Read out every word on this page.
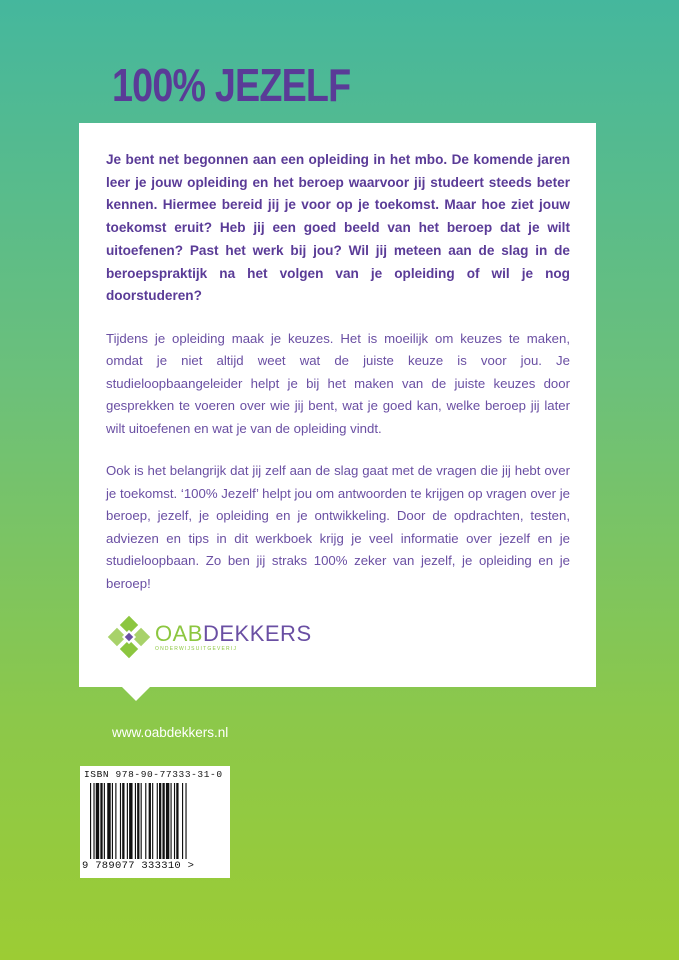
100% JEZELF

Je bent net begonnen aan een opleiding in het mbo. De komende jaren leer je jouw opleiding en het beroep waarvoor jij studeert steeds beter kennen. Hiermee bereid jij je voor op je toekomst. Maar hoe ziet jouw toekomst eruit? Heb jij een goed beeld van het beroep dat je wilt uitoefenen? Past het werk bij jou? Wil jij meteen aan de slag in de beroepspraktijk na het volgen van je opleiding of wil je nog doorstuderen?

Tijdens je opleiding maak je keuzes. Het is moeilijk om keuzes te maken, omdat je niet altijd weet wat de juiste keuze is voor jou. Je studieloopbaangeleider helpt je bij het maken van de juiste keuzes door gesprekken te voeren over wie jij bent, wat je goed kan, welke beroep jij later wilt uitoefenen en wat je van de opleiding vindt.

Ook is het belangrijk dat jij zelf aan de slag gaat met de vragen die jij hebt over je toekomst. ‘100% Jezelf’ helpt jou om antwoorden te krijgen op vragen over je beroep, jezelf, je opleiding en je ontwikkeling. Door de opdrachten, testen, adviezen en tips in dit werkboek krijg je veel informatie over jezelf en je studieloopbaan. Zo ben jij straks 100% zeker van jezelf, je opleiding en je beroep!

OABDEKKERS
ONDERWIJSUITGEVERIJ
www.oabdekkers.nl
ISBN 978-90-77333-31-0
9 789077 333310 >
